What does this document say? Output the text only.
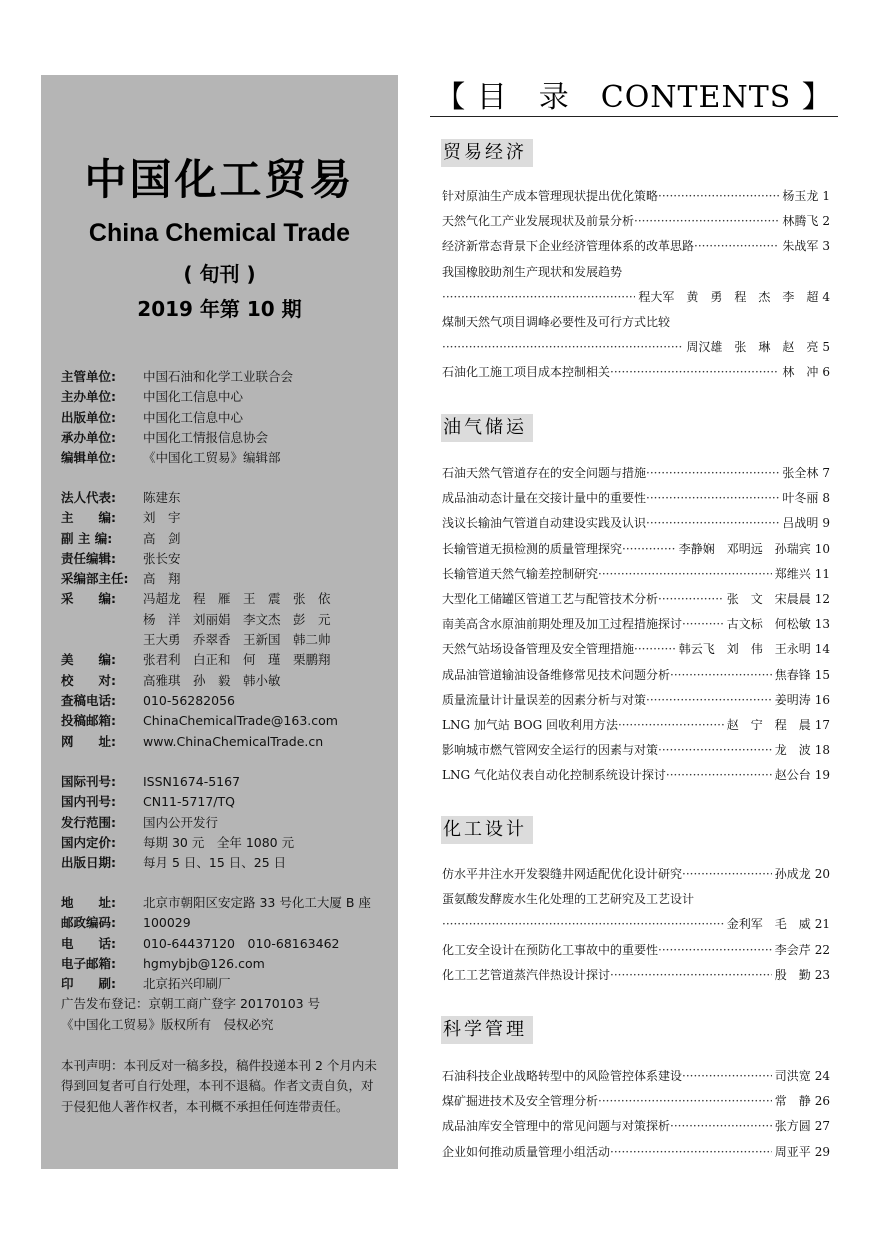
中国化工贸易
China Chemical Trade
( 旬刊 )
2019 年第 10 期
主管单位:	中国石油和化学工业联合会
主办单位:	中国化工信息中心
出版单位:	中国化工信息中心
承办单位:	中国化工情报信息协会
编辑单位:	《中国化工贸易》编辑部
法人代表:	陈建东
主　　编:	刘　宇
副 主 编:	高　剑
责任编辑:	张长安
采编部主任:	高　翔
采　　编:	冯超龙　程　雁　王　震　张　依
杨　洋　刘丽娟　李文杰　彭　元
王大勇　乔翠香　王新国　韩二帅
美　　编:	张君利　白正和　何　瑾　栗鹏翔
校　　对:	高雅琪　孙　毅　韩小敏
查稿电话:	010-56282056
投稿邮箱:	ChinaChemicalTrade@163.com
网　　址:	www.ChinaChemicalTrade.cn
国际刊号:	ISSN1674-5167
国内刊号:	CN11-5717/TQ
发行范围:	国内公开发行
国内定价:	每期 30 元　全年 1080 元
出版日期:	每月 5 日、15 日、25 日
地　　址:	北京市朝阳区安定路 33 号化工大厦 B 座
邮政编码:	100029
电　　话:	010-64437120　010-68163462
电子邮箱:	hgmybjb@126.com
印　　刷:	北京拓兴印刷厂
广告发布登记：京朝工商广登字 20170103 号
《中国化工贸易》版权所有　侵权必究
本刊声明：本刊反对一稿多投，稿件投递本刊 2 个月内未得到回复者可自行处理，本刊不退稿。作者文责自负，对于侵犯他人著作权者，本刊概不承担任何连带责任。
【 目　录　CONTENTS 】
贸易经济
针对原油生产成本管理现状提出优化策略 ·····	杨玉龙 1
天然气化工产业发展现状及前景分析 ·····	林腾飞 2
经济新常态背景下企业经济管理体系的改革思路 ·····	朱战军 3
我国橡胶助剂生产现状和发展趋势
·····
程大军　黄　勇　程　杰　李　超 4
煤制天然气项目调峰必要性及可行方式比较
·····
周汉雄　张　琳　赵　亮 5
石油化工施工项目成本控制相关 ·····	林　冲 6
油气储运
石油天然气管道存在的安全问题与措施 ·····	张全林 7
成品油动态计量在交接计量中的重要性 ·····	叶冬丽 8
浅议长输油气管道自动建设实践及认识 ·····	吕战明 9
长输管道无损检测的质量管理探究 ·····	李静娴　邓明远　孙瑞宾 10
长输管道天然气输差控制研究 ·····	郑维兴 11
大型化工储罐区管道工艺与配管技术分析 ·····	张　文　宋晨晨 12
南美高含水原油前期处理及加工过程措施探讨 ·····	古文标　何松敏 13
天然气站场设备管理及安全管理措施 ·····	韩云飞　刘　伟　王永明 14
成品油管道输油设备维修常见技术问题分析 ·····	焦春锋 15
质量流量计计量误差的因素分析与对策 ·····	姜明涛 16
LNG 加气站 BOG 回收利用方法 ·····	赵　宁　程　晨 17
影响城市燃气管网安全运行的因素与对策 ·····	龙　波 18
LNG 气化站仪表自动化控制系统设计探讨 ·····	赵公台 19
化工设计
仿水平井注水开发裂缝井网适配优化设计研究 ·····	孙成龙 20
蛋氨酸发酵废水生化处理的工艺研究及工艺设计
·····
金利军　毛　威 21
化工安全设计在预防化工事故中的重要性 ·····	李会芹 22
化工工艺管道蒸汽伴热设计探讨 ·····	殷　勤 23
科学管理
石油科技企业战略转型中的风险管控体系建设 ·····	司洪宽 24
煤矿掘进技术及安全管理分析 ·····	常　静 26
成品油库安全管理中的常见问题与对策探析 ·····	张方圆 27
企业如何推动质量管理小组活动 ·····	周亚平 29
